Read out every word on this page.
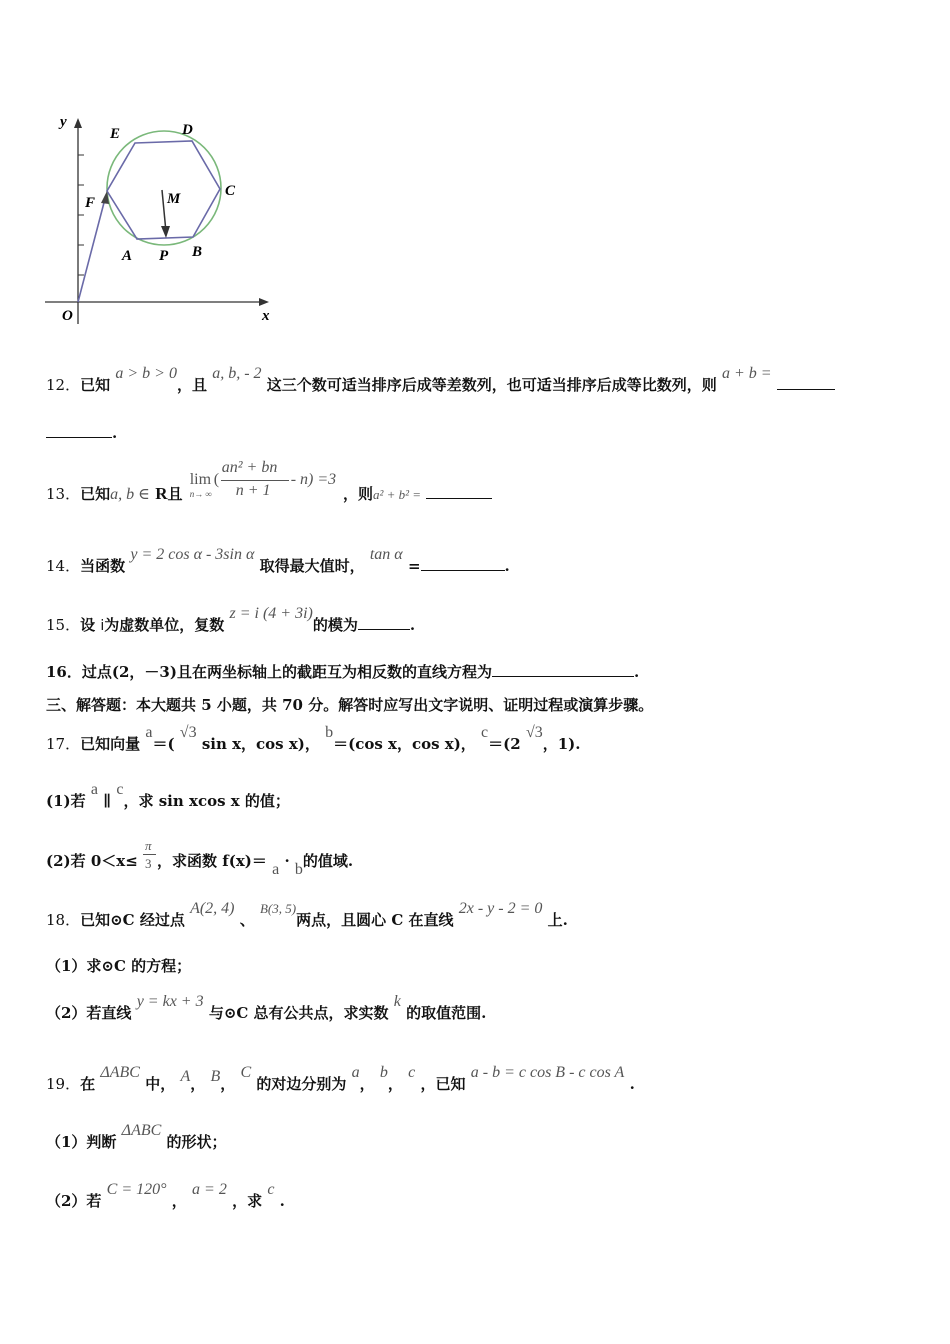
y
x
O
E	D
C
F	M
A P B
12．已知 a > b > 0，且 a, b, - 2 这三个数可适当排序后成等差数列，也可适当排序后成等比数列，则 a + b =
.
13．已知a, b ∈ R且
lim
n→ ∞
(
an² + bn
n + 1
- n) =3
，则a² + b² =
14．当函数 y = 2 cos α - 3sin α 取得最大值时， tan α =	.
15．设 i为虚数单位，复数 z = i (4 + 3i)的模为	.
16．过点(2，－3)且在两坐标轴上的截距互为相反数的直线方程为	.
三、解答题：本大题共 5 小题，共 70 分。解答时应写出文字说明、证明过程或演算步骤。
17．已知向量 a＝( √3 sin x，cos x)， b＝(cos x，cos x)， c＝(2 √3，1).
(1)若 a ∥ c，求 sin xcos x 的值；
(2)若 $0<x\le \frac{\pi}{3}$ ，求函数 f(x)＝ a · b的值域.
18．已知⊙C 经过点 A(2, 4) 、 B(3, 5)两点，且圆心 C 在直线 2x - y - 2 = 0 上.
（1）求⊙C 的方程；
（2）若直线 y = kx + 3 与⊙C 总有公共点，求实数 k 的取值范围.
19．在 ΔABC 中， A， B， C 的对边分别为 a， b， c ，已知 a - b = c cos B - c cos A .
（1）判断 ΔABC 的形状；
（2）若 C = 120° ， a = 2 ，求 c .
